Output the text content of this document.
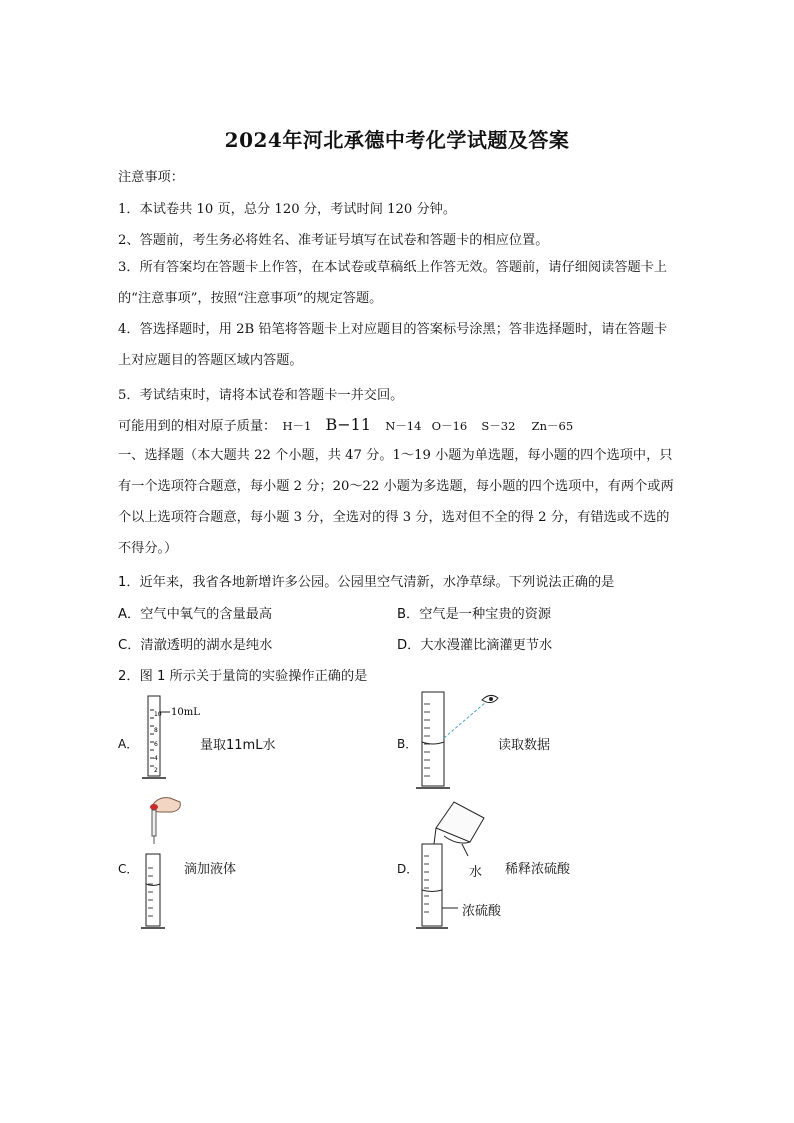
2024年河北承德中考化学试题及答案
注意事项：
1．本试卷共 10 页，总分 120 分，考试时间 120 分钟。
2、答题前，考生务必将姓名、准考证号填写在试卷和答题卡的相应位置。
3．所有答案均在答题卡上作答，在本试卷或草稿纸上作答无效。答题前，请仔细阅读答题卡上的“注意事项”，按照“注意事项”的规定答题。
4．答选择题时，用 2B 铅笔将答题卡上对应题目的答案标号涂黑；答非选择题时，请在答题卡上对应题目的答题区域内答题。
5．考试结束时，请将本试卷和答题卡一并交回。
可能用到的相对原子质量： H－1 B−11 N－14 O－16 S－32 Zn－65
一、选择题（本大题共 22 个小题，共 47 分。1～19 小题为单选题，每小题的四个选项中，只有一个选项符合题意，每小题 2 分；20～22 小题为多选题，每小题的四个选项中，有两个或两个以上选项符合题意，每小题 3 分，全选对的得 3 分，选对但不全的得 2 分，有错选或不选的不得分。）
1．近年来，我省各地新增许多公园。公园里空气清新，水净草绿。下列说法正确的是
A．空气中氧气的含量最高	B．空气是一种宝贵的资源
C．清澈透明的湖水是纯水	D．大水漫灌比滴灌更节水
2．图 1 所示关于量筒的实验操作正确的是
A．
10
8
6
4
2
10mL
量取11mL水	B．	读取数据
C．	滴加液体	D．	水 稀释浓硫酸
浓硫酸
